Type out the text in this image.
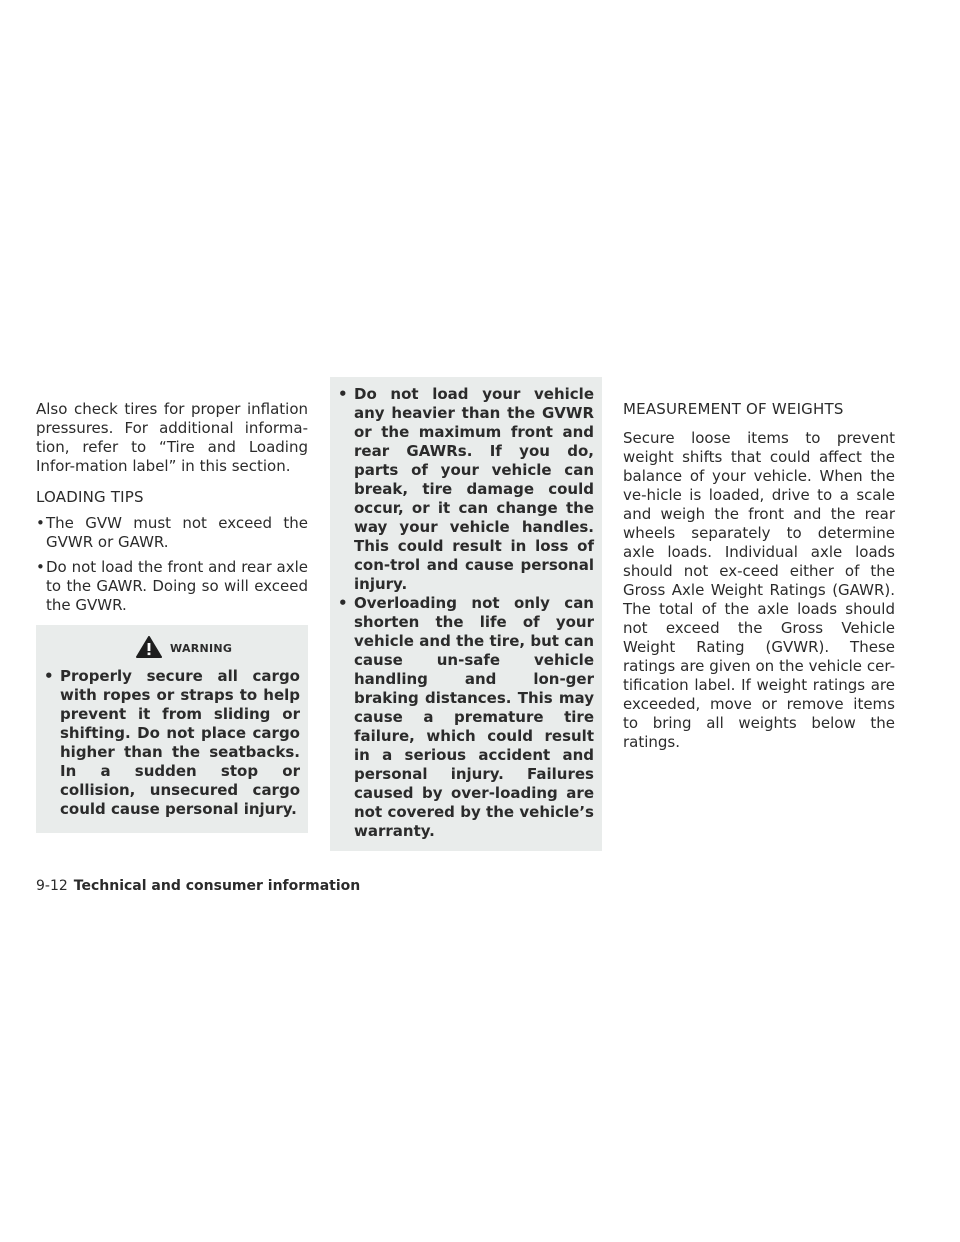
Also check tires for proper inflation pressures. For additional informa-tion, refer to “Tire and Loading Infor-mation label” in this section.

LOADING TIPS
•The GVW must not exceed the GVWR or GAWR.
•Do not load the front and rear axle to the GAWR. Doing so will exceed the GVWR.
WARNING
• Properly secure all cargo with ropes or straps to help prevent it from sliding or shifting. Do not place cargo higher than the seatbacks. In a sudden stop or collision, unsecured cargo could cause personal injury.
• Do not load your vehicle any heavier than the GVWR or the maximum front and rear GAWRs. If you do, parts of your vehicle can break, tire damage could occur, or it can change the way your vehicle handles. This could result in loss of con-trol and cause personal injury.
• Overloading not only can shorten the life of your vehicle and the tire, but can cause un-safe vehicle handling and lon-ger braking distances. This may cause a premature tire failure, which could result in a serious accident and personal injury. Failures caused by over-loading are not covered by the vehicle’s warranty.
MEASUREMENT OF WEIGHTS

Secure loose items to prevent weight shifts that could affect the balance of your vehicle. When the ve-hicle is loaded, drive to a scale and weigh the front and the rear wheels separately to determine axle loads. Individual axle loads should not ex-ceed either of the Gross Axle Weight Ratings (GAWR). The total of the axle loads should not exceed the Gross Vehicle Weight Rating (GVWR). These ratings are given on the vehicle cer-tification label. If weight ratings are exceeded, move or remove items to bring all weights below the ratings.

9-12 Technical and consumer information
